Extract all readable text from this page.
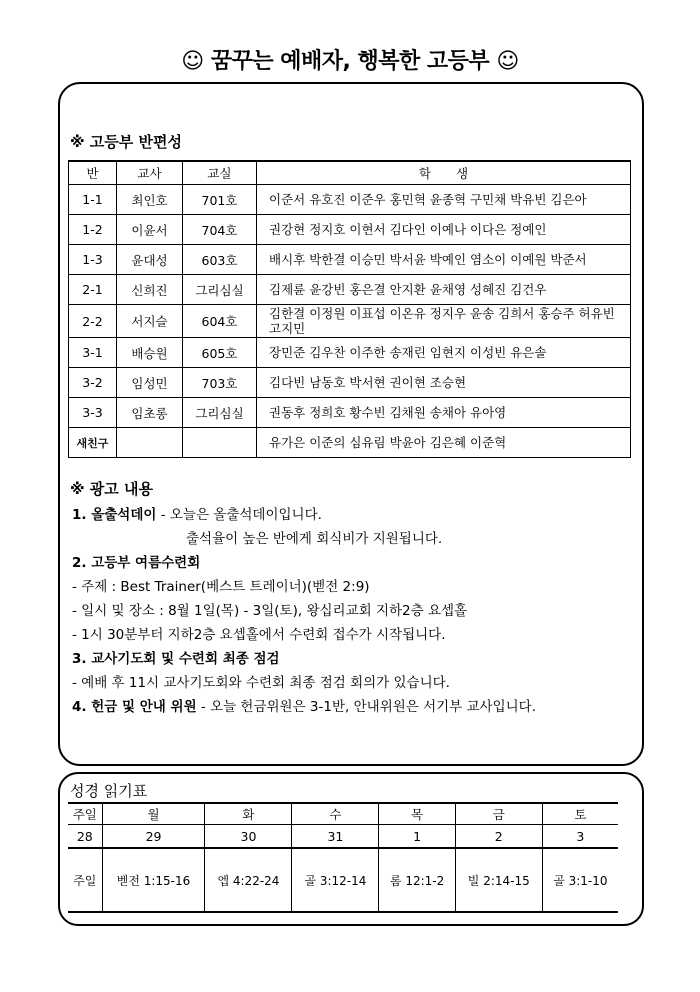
☺ 꿈꾸는 예배자, 행복한 고등부 ☺
※ 고등부 반편성
반	교사	교실	학　　생
1-1	최인호	701호	이준서 유호진 이준우 홍민혁 윤종혁 구민채 박유빈 김은아
1-2	이윤서	704호	권강현 정지호 이현서 김다인 이예나 이다은 정예인
1-3	윤대성	603호	배시후 박한결 이승민 박서윤 박예인 염소이 이예원 박준서
2-1	신희진	그리심실	김제륜 윤강빈 홍은결 안지환 윤채영 성혜진 김건우
2-2	서지슬	604호	김한결 이정원 이표섭 이온유 정지우 윤송 김희서 홍승주 허유빈 고지민
3-1	배승원	605호	장민준 김우찬 이주한 송재린 임현지 이성빈 유은솔
3-2	임성민	703호	김다빈 남동호 박서현 권이현 조승현
3-3	임초롱	그리심실	권동후 정희호 황수빈 김채원 송채아 유아영
새친구			유가은 이준의 심유림 박윤아 김은혜 이준혁
※ 광고 내용
1. 올출석데이 - 오늘은 올출석데이입니다.
출석율이 높은 반에게 회식비가 지원됩니다.
2. 고등부 여름수련회
- 주제 : Best Trainer(베스트 트레이너)(벧전 2:9)
- 일시 및 장소 : 8월 1일(목) - 3일(토), 왕십리교회 지하2층 요셉홀
- 1시 30분부터 지하2층 요셉홀에서 수련회 접수가 시작됩니다.
3. 교사기도회 및 수련회 최종 점검
- 예배 후 11시 교사기도회와 수련회 최종 점검 회의가 있습니다.
4. 헌금 및 안내 위원 - 오늘 헌금위원은 3-1반, 안내위원은 서기부 교사입니다.
성경 읽기표
주일	월	화	수	목	금	토
28	29	30	31	1	2	3
주일	벧전 1:15-16	엡 4:22-24	골 3:12-14	롬 12:1-2	빌 2:14-15	골 3:1-10
